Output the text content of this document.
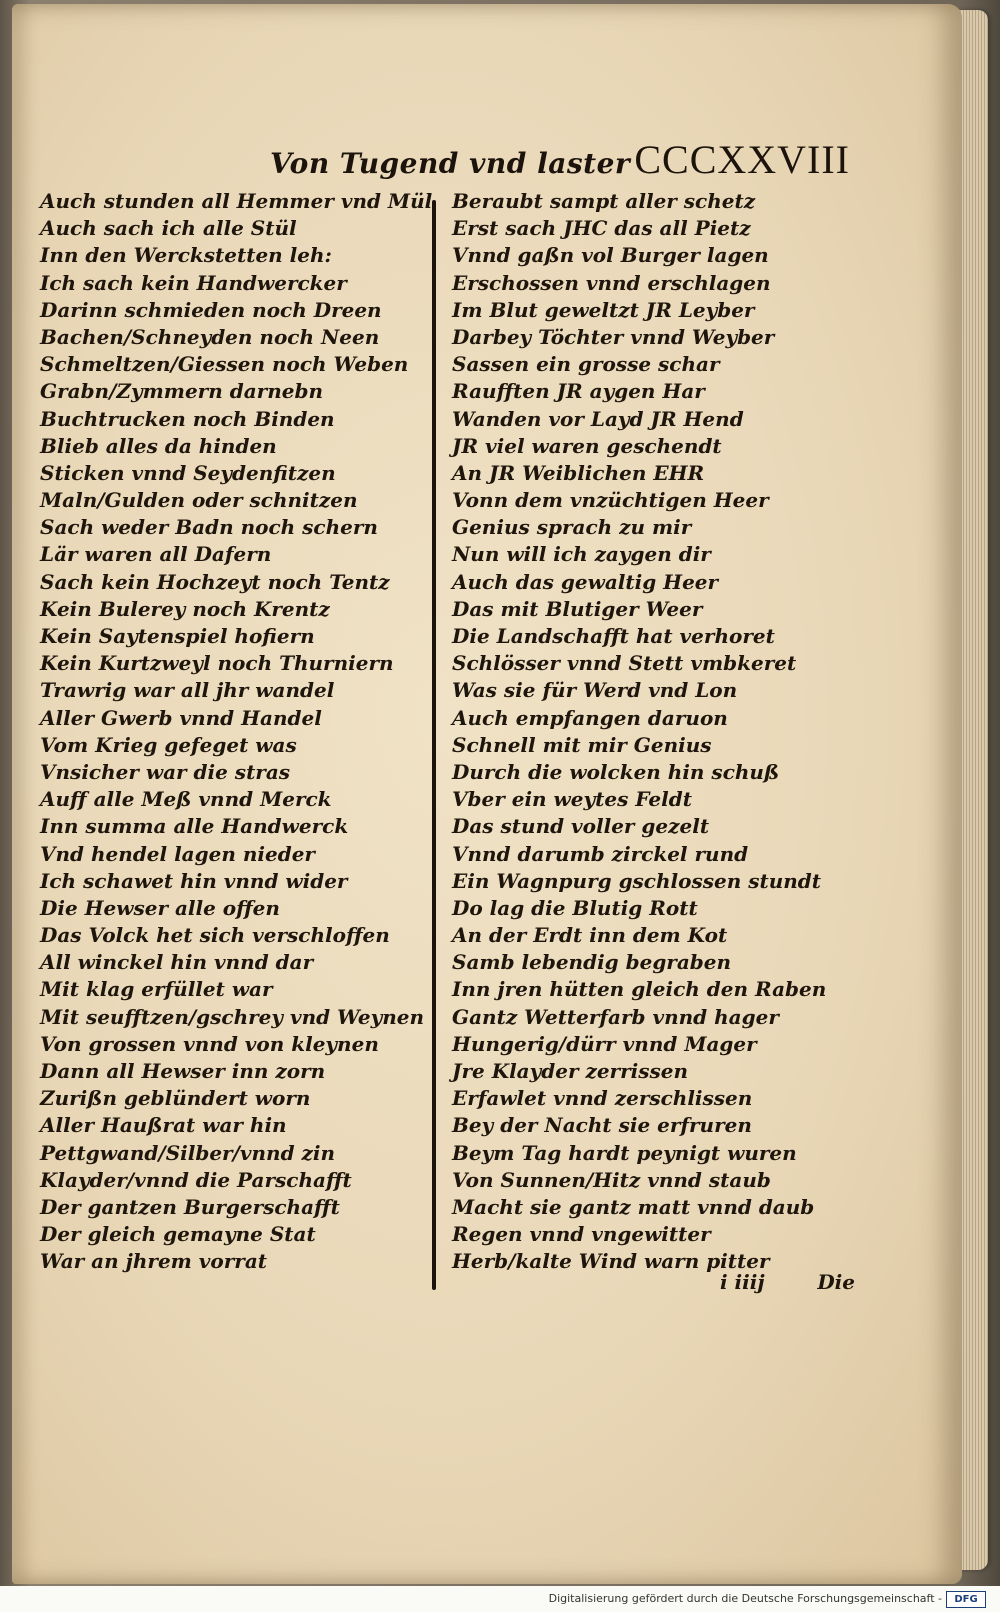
Von Tugend vnd laster CCCXXVIII
Auch stunden all Hemmer vnd Mül
Auch sach ich alle Stül
Inn den Werckstetten leh:
Ich sach kein Handwercker
Darinn schmieden noch Dreen
Bachen/Schneyden noch Neen
Schmeltzen/Giessen noch Weben
Grabn/Zymmern darnebn
Buchtrucken noch Binden
Blieb alles da hinden
Sticken vnnd Seydenfitzen
Maln/Gulden oder schnitzen
Sach weder Badn noch schern
Lär waren all Dafern
Sach kein Hochzeyt noch Tentz
Kein Bulerey noch Krentz
Kein Saytenspiel hofiern
Kein Kurtzweyl noch Thurniern
Trawrig war all jhr wandel
Aller Gwerb vnnd Handel
Vom Krieg gefeget was
Vnsicher war die stras
Auff alle Meß vnnd Merck
Inn summa alle Handwerck
Vnd hendel lagen nieder
Ich schawet hin vnnd wider
Die Hewser alle offen
Das Volck het sich verschloffen
All winckel hin vnnd dar
Mit klag erfüllet war
Mit seufftzen/gschrey vnd Weynen
Von grossen vnnd von kleynen
Dann all Hewser inn zorn
Zurißn geblündert worn
Aller Haußrat war hin
Pettgwand/Silber/vnnd zin
Klayder/vnnd die Parschafft
Der gantzen Burgerschafft
Der gleich gemayne Stat
War an jhrem vorrat
Beraubt sampt aller schetz
Erst sach JHC das all Pietz
Vnnd gaßn vol Burger lagen
Erschossen vnnd erschlagen
Im Blut geweltzt JR Leyber
Darbey Töchter vnnd Weyber
Sassen ein grosse schar
Raufften JR aygen Har
Wanden vor Layd JR Hend
JR viel waren geschendt
An JR Weiblichen EHR
Vonn dem vnzüchtigen Heer
Genius sprach zu mir
Nun will ich zaygen dir
Auch das gewaltig Heer
Das mit Blutiger Weer
Die Landschafft hat verhoret
Schlösser vnnd Stett vmbkeret
Was sie für Werd vnd Lon
Auch empfangen daruon
Schnell mit mir Genius
Durch die wolcken hin schuß
Vber ein weytes Feldt
Das stund voller gezelt
Vnnd darumb zirckel rund
Ein Wagnpurg gschlossen stundt
Do lag die Blutig Rott
An der Erdt inn dem Kot
Samb lebendig begraben
Inn jren hütten gleich den Raben
Gantz Wetterfarb vnnd hager
Hungerig/dürr vnnd Mager
Jre Klayder zerrissen
Erfawlet vnnd zerschlissen
Bey der Nacht sie erfruren
Beym Tag hardt peynigt wuren
Von Sunnen/Hitz vnnd staub
Macht sie gantz matt vnnd daub
Regen vnnd vngewitter
Herb/kalte Wind warn pitter
i iiij	Die
Digitalisierung gefördert durch die Deutsche Forschungsgemeinschaft -	DFG
